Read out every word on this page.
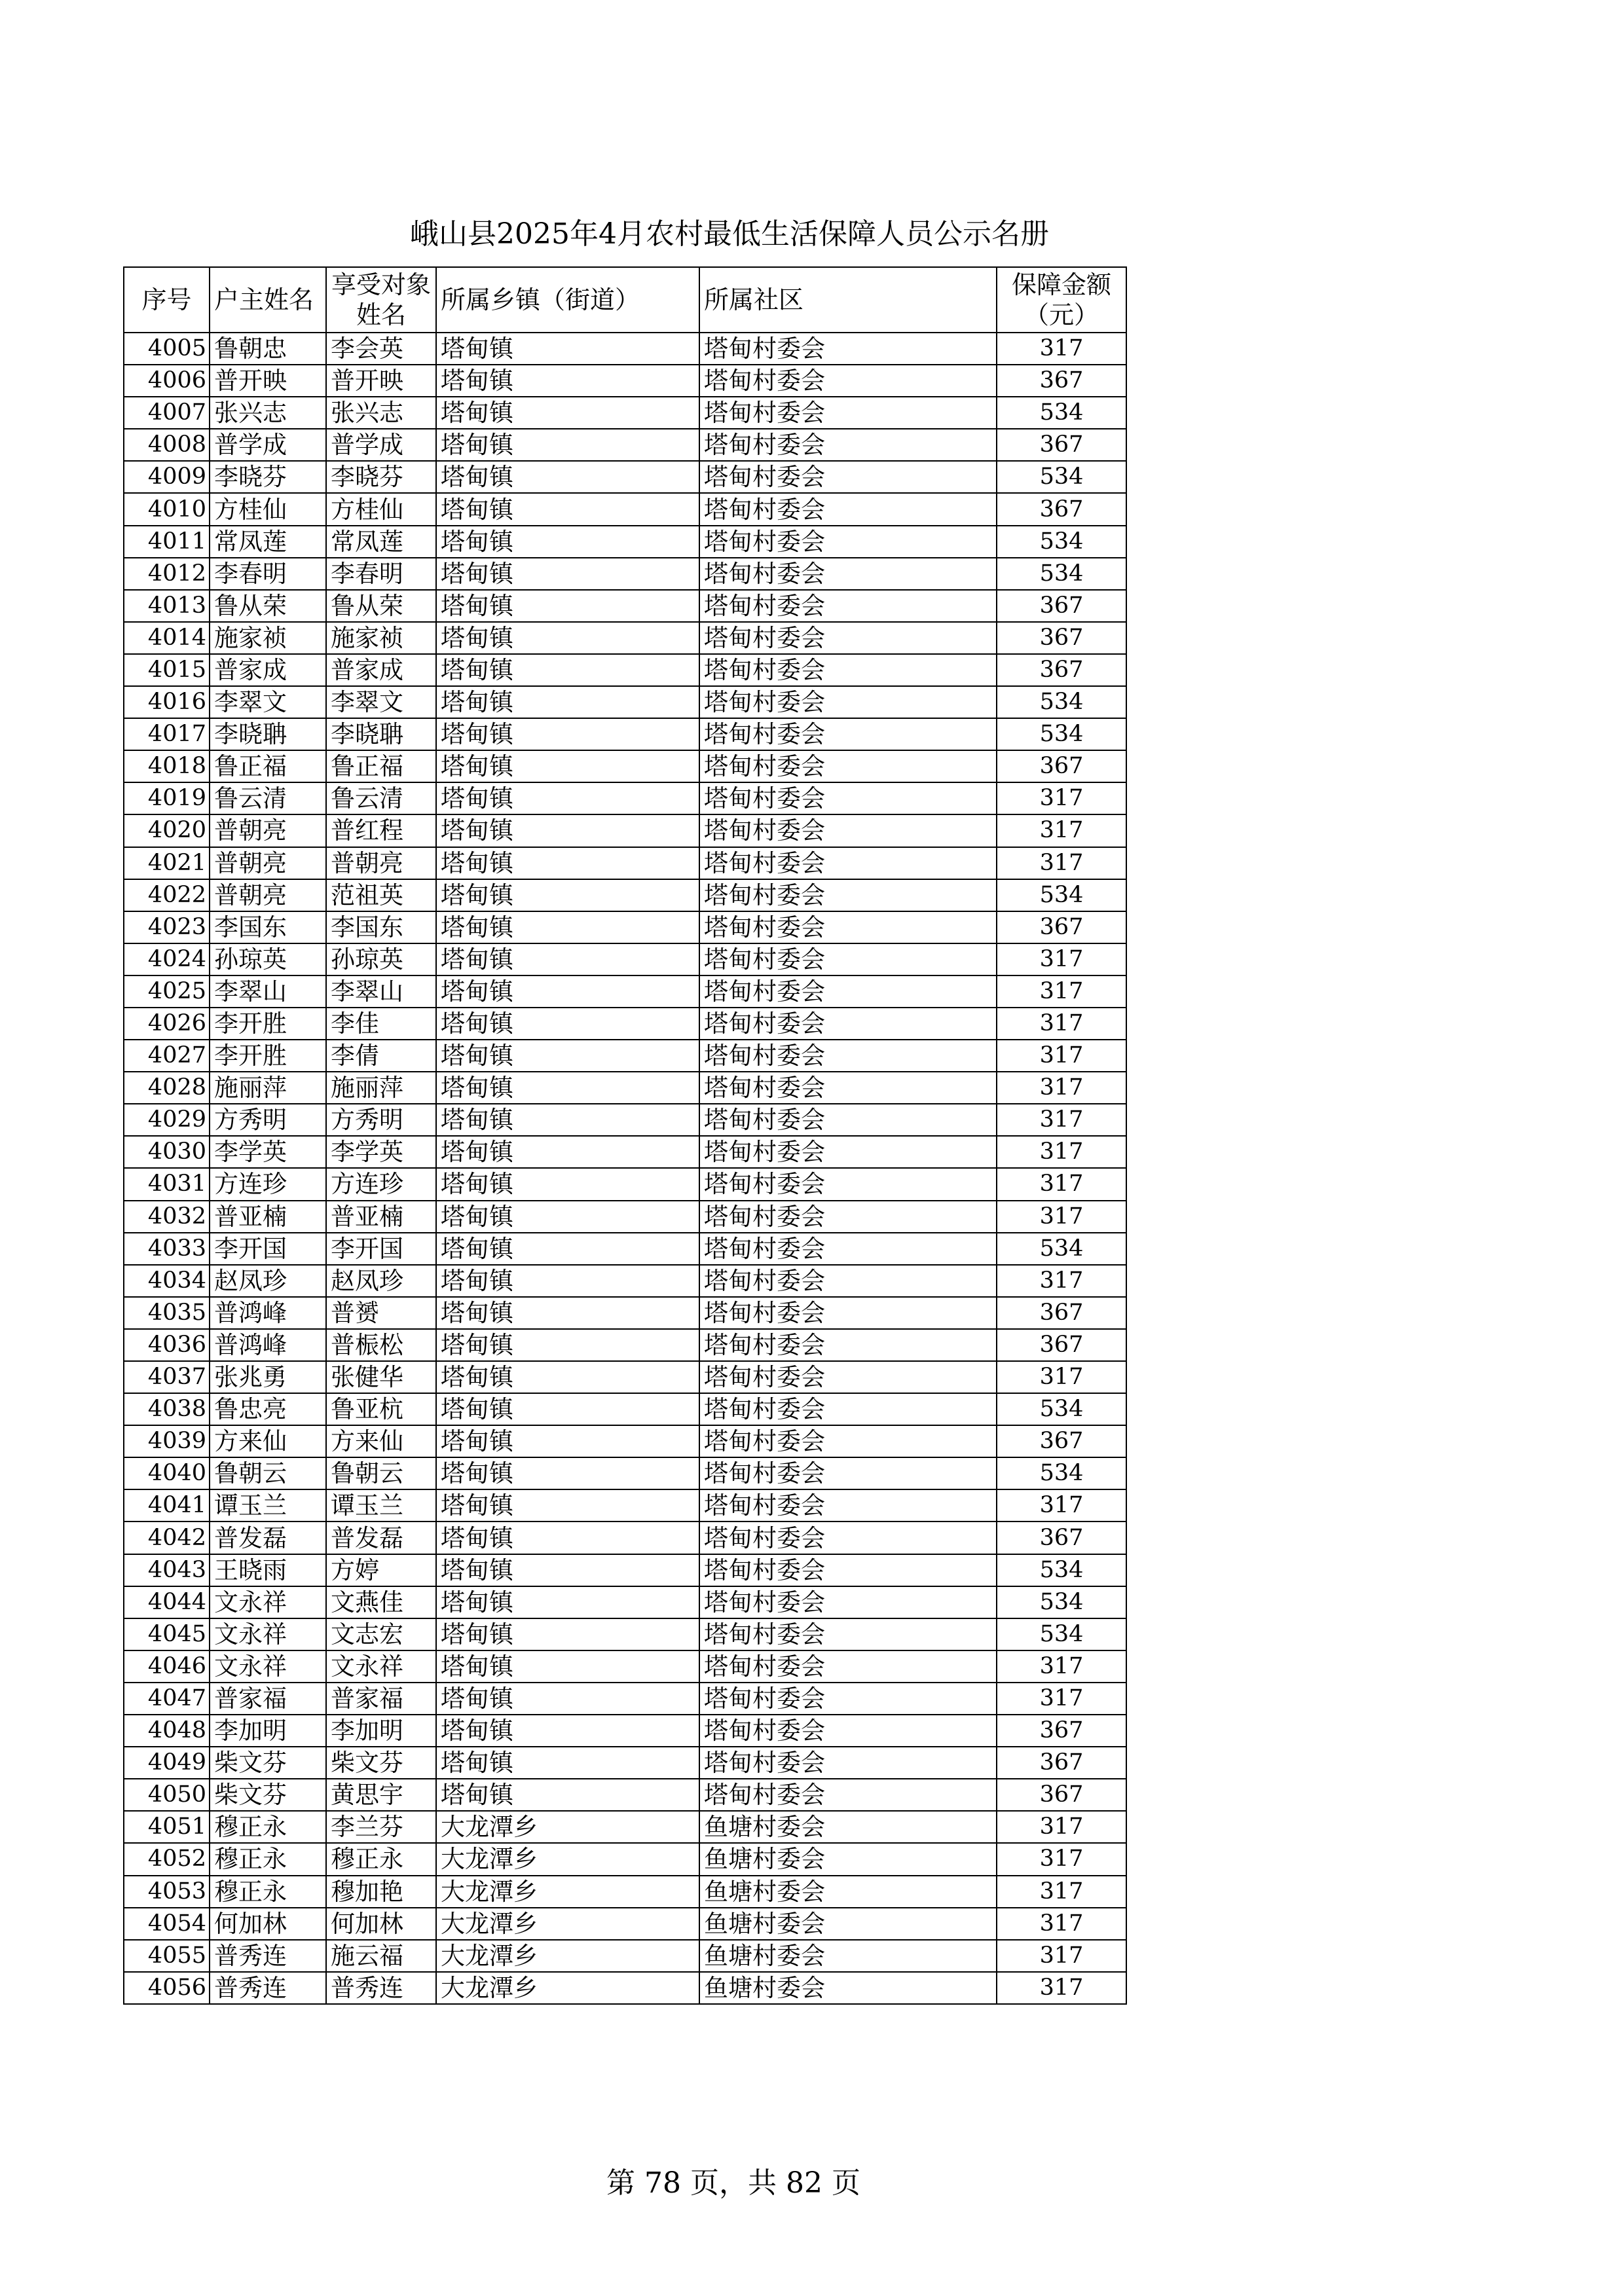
峨山县2025年4月农村最低生活保障人员公示名册
序号	户主姓名	享受对象姓名	所属乡镇（街道）	所属社区	保障金额（元）
4005	鲁朝忠	李会英	塔甸镇	塔甸村委会	317
4006	普开映	普开映	塔甸镇	塔甸村委会	367
4007	张兴志	张兴志	塔甸镇	塔甸村委会	534
4008	普学成	普学成	塔甸镇	塔甸村委会	367
4009	李晓芬	李晓芬	塔甸镇	塔甸村委会	534
4010	方桂仙	方桂仙	塔甸镇	塔甸村委会	367
4011	常凤莲	常凤莲	塔甸镇	塔甸村委会	534
4012	李春明	李春明	塔甸镇	塔甸村委会	534
4013	鲁从荣	鲁从荣	塔甸镇	塔甸村委会	367
4014	施家祯	施家祯	塔甸镇	塔甸村委会	367
4015	普家成	普家成	塔甸镇	塔甸村委会	367
4016	李翠文	李翠文	塔甸镇	塔甸村委会	534
4017	李晓聃	李晓聃	塔甸镇	塔甸村委会	534
4018	鲁正福	鲁正福	塔甸镇	塔甸村委会	367
4019	鲁云清	鲁云清	塔甸镇	塔甸村委会	317
4020	普朝亮	普红程	塔甸镇	塔甸村委会	317
4021	普朝亮	普朝亮	塔甸镇	塔甸村委会	317
4022	普朝亮	范祖英	塔甸镇	塔甸村委会	534
4023	李国东	李国东	塔甸镇	塔甸村委会	367
4024	孙琼英	孙琼英	塔甸镇	塔甸村委会	317
4025	李翠山	李翠山	塔甸镇	塔甸村委会	317
4026	李开胜	李佳	塔甸镇	塔甸村委会	317
4027	李开胜	李倩	塔甸镇	塔甸村委会	317
4028	施丽萍	施丽萍	塔甸镇	塔甸村委会	317
4029	方秀明	方秀明	塔甸镇	塔甸村委会	317
4030	李学英	李学英	塔甸镇	塔甸村委会	317
4031	方连珍	方连珍	塔甸镇	塔甸村委会	317
4032	普亚楠	普亚楠	塔甸镇	塔甸村委会	317
4033	李开国	李开国	塔甸镇	塔甸村委会	534
4034	赵凤珍	赵凤珍	塔甸镇	塔甸村委会	317
4035	普鸿峰	普赟	塔甸镇	塔甸村委会	367
4036	普鸿峰	普桭松	塔甸镇	塔甸村委会	367
4037	张兆勇	张健华	塔甸镇	塔甸村委会	317
4038	鲁忠亮	鲁亚杭	塔甸镇	塔甸村委会	534
4039	方来仙	方来仙	塔甸镇	塔甸村委会	367
4040	鲁朝云	鲁朝云	塔甸镇	塔甸村委会	534
4041	谭玉兰	谭玉兰	塔甸镇	塔甸村委会	317
4042	普发磊	普发磊	塔甸镇	塔甸村委会	367
4043	王晓雨	方婷	塔甸镇	塔甸村委会	534
4044	文永祥	文燕佳	塔甸镇	塔甸村委会	534
4045	文永祥	文志宏	塔甸镇	塔甸村委会	534
4046	文永祥	文永祥	塔甸镇	塔甸村委会	317
4047	普家福	普家福	塔甸镇	塔甸村委会	317
4048	李加明	李加明	塔甸镇	塔甸村委会	367
4049	柴文芬	柴文芬	塔甸镇	塔甸村委会	367
4050	柴文芬	黄思宇	塔甸镇	塔甸村委会	367
4051	穆正永	李兰芬	大龙潭乡	鱼塘村委会	317
4052	穆正永	穆正永	大龙潭乡	鱼塘村委会	317
4053	穆正永	穆加艳	大龙潭乡	鱼塘村委会	317
4054	何加林	何加林	大龙潭乡	鱼塘村委会	317
4055	普秀连	施云福	大龙潭乡	鱼塘村委会	317
4056	普秀连	普秀连	大龙潭乡	鱼塘村委会	317
第 78 页，共 82 页
